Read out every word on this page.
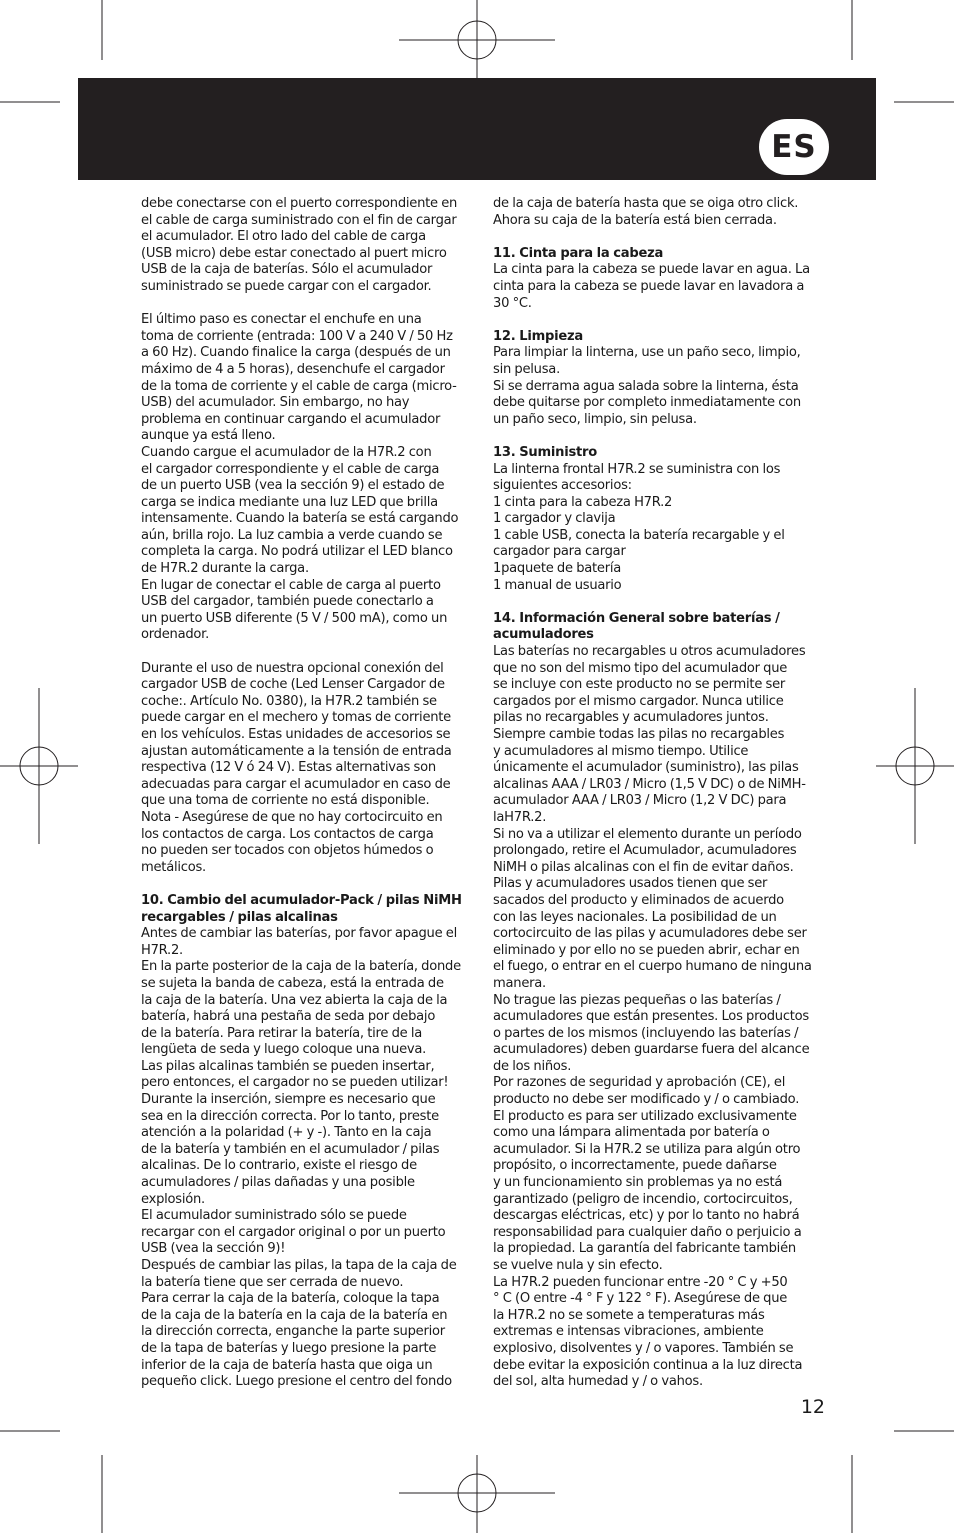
ES

debe conectarse con el puerto correspondiente en
el cable de carga suministrado con el fin de cargar
el acumulador. El otro lado del cable de carga
(USB micro) debe estar conectado al puert micro
USB de la caja de baterías. Sólo el acumulador
suministrado se puede cargar con el cargador.

El último paso es conectar el enchufe en una
toma de corriente (entrada: 100 V a 240 V / 50 Hz
a 60 Hz). Cuando finalice la carga (después de un
máximo de 4 a 5 horas), desenchufe el cargador
de la toma de corriente y el cable de carga (micro-
USB) del acumulador. Sin embargo, no hay
problema en continuar cargando el acumulador
aunque ya está lleno.
Cuando cargue el acumulador de la H7R.2 con
el cargador correspondiente y el cable de carga
de un puerto USB (vea la sección 9) el estado de
carga se indica mediante una luz LED que brilla
intensamente. Cuando la batería se está cargando
aún, brilla rojo. La luz cambia a verde cuando se
completa la carga. No podrá utilizar el LED blanco
de H7R.2 durante la carga.
En lugar de conectar el cable de carga al puerto
USB del cargador, también puede conectarlo a
un puerto USB diferente (5 V / 500 mA), como un
ordenador.

Durante el uso de nuestra opcional conexión del
cargador USB de coche (Led Lenser Cargador de
coche:. Artículo No. 0380), la H7R.2 también se
puede cargar en el mechero y tomas de corriente
en los vehículos. Estas unidades de accesorios se
ajustan automáticamente a la tensión de entrada
respectiva (12 V ó 24 V). Estas alternativas son
adecuadas para cargar el acumulador en caso de
que una toma de corriente no está disponible.
Nota - Asegúrese de que no hay cortocircuito en
los contactos de carga. Los contactos de carga
no pueden ser tocados con objetos húmedos o
metálicos.

10. Cambio del acumulador-Pack / pilas NiMH
recargables / pilas alcalinas

Antes de cambiar las baterías, por favor apague el
H7R.2.
En la parte posterior de la caja de la batería, donde
se sujeta la banda de cabeza, está la entrada de
la caja de la batería. Una vez abierta la caja de la
batería, habrá una pestaña de seda por debajo
de la batería. Para retirar la batería, tire de la
lengüeta de seda y luego coloque una nueva.
Las pilas alcalinas también se pueden insertar,
pero entonces, el cargador no se pueden utilizar!
Durante la inserción, siempre es necesario que
sea en la dirección correcta. Por lo tanto, preste
atención a la polaridad (+ y -). Tanto en la caja
de la batería y también en el acumulador / pilas
alcalinas. De lo contrario, existe el riesgo de
acumuladores / pilas dañadas y una posible
explosión.
El acumulador suministrado sólo se puede
recargar con el cargador original o por un puerto
USB (vea la sección 9)!
Después de cambiar las pilas, la tapa de la caja de
la batería tiene que ser cerrada de nuevo.
Para cerrar la caja de la batería, coloque la tapa
de la caja de la batería en la caja de la batería en
la dirección correcta, enganche la parte superior
de la tapa de baterías y luego presione la parte
inferior de la caja de batería hasta que oiga un
pequeño click. Luego presione el centro del fondo

de la caja de batería hasta que se oiga otro click.
Ahora su caja de la batería está bien cerrada.

11. Cinta para la cabeza

La cinta para la cabeza se puede lavar en agua. La
cinta para la cabeza se puede lavar en lavadora a
30 °C.

12. Limpieza

Para limpiar la linterna, use un paño seco, limpio,
sin pelusa.
Si se derrama agua salada sobre la linterna, ésta
debe quitarse por completo inmediatamente con
un paño seco, limpio, sin pelusa.

13. Suministro

La linterna frontal H7R.2 se suministra con los
siguientes accesorios:
1 cinta para la cabeza H7R.2
1 cargador y clavija
1 cable USB, conecta la batería recargable y el
cargador para cargar
1paquete de batería
1 manual de usuario

14. Información General sobre baterías /
acumuladores

Las baterías no recargables u otros acumuladores
que no son del mismo tipo del acumulador que
se incluye con este producto no se permite ser
cargados por el mismo cargador. Nunca utilice
pilas no recargables y acumuladores juntos.
Siempre cambie todas las pilas no recargables
y acumuladores al mismo tiempo. Utilice
únicamente el acumulador (suministro), las pilas
alcalinas AAA / LR03 / Micro (1,5 V DC) o de NiMH-
acumulador AAA / LR03 / Micro (1,2 V DC) para
laH7R.2.
Si no va a utilizar el elemento durante un período
prolongado, retire el Acumulador, acumuladores
NiMH o pilas alcalinas con el fin de evitar daños.
Pilas y acumuladores usados tienen que ser
sacados del producto y eliminados de acuerdo
con las leyes nacionales. La posibilidad de un
cortocircuito de las pilas y acumuladores debe ser
eliminado y por ello no se pueden abrir, echar en
el fuego, o entrar en el cuerpo humano de ninguna
manera.
No trague las piezas pequeñas o las baterías /
acumuladores que están presentes. Los productos
o partes de los mismos (incluyendo las baterías /
acumuladores) deben guardarse fuera del alcance
de los niños.
Por razones de seguridad y aprobación (CE), el
producto no debe ser modificado y / o cambiado.
El producto es para ser utilizado exclusivamente
como una lámpara alimentada por batería o
acumulador. Si la H7R.2 se utiliza para algún otro
propósito, o incorrectamente, puede dañarse
y un funcionamiento sin problemas ya no está
garantizado (peligro de incendio, cortocircuitos,
descargas eléctricas, etc) y por lo tanto no habrá
responsabilidad para cualquier daño o perjuicio a
la propiedad. La garantía del fabricante también
se vuelve nula y sin efecto.
La H7R.2 pueden funcionar entre -20 ° C y +50
° C (O entre -4 ° F y 122 ° F). Asegúrese de que
la H7R.2 no se somete a temperaturas más
extremas e intensas vibraciones, ambiente
explosivo, disolventes y / o vapores. También se
debe evitar la exposición continua a la luz directa
del sol, alta humedad y / o vahos.

12
